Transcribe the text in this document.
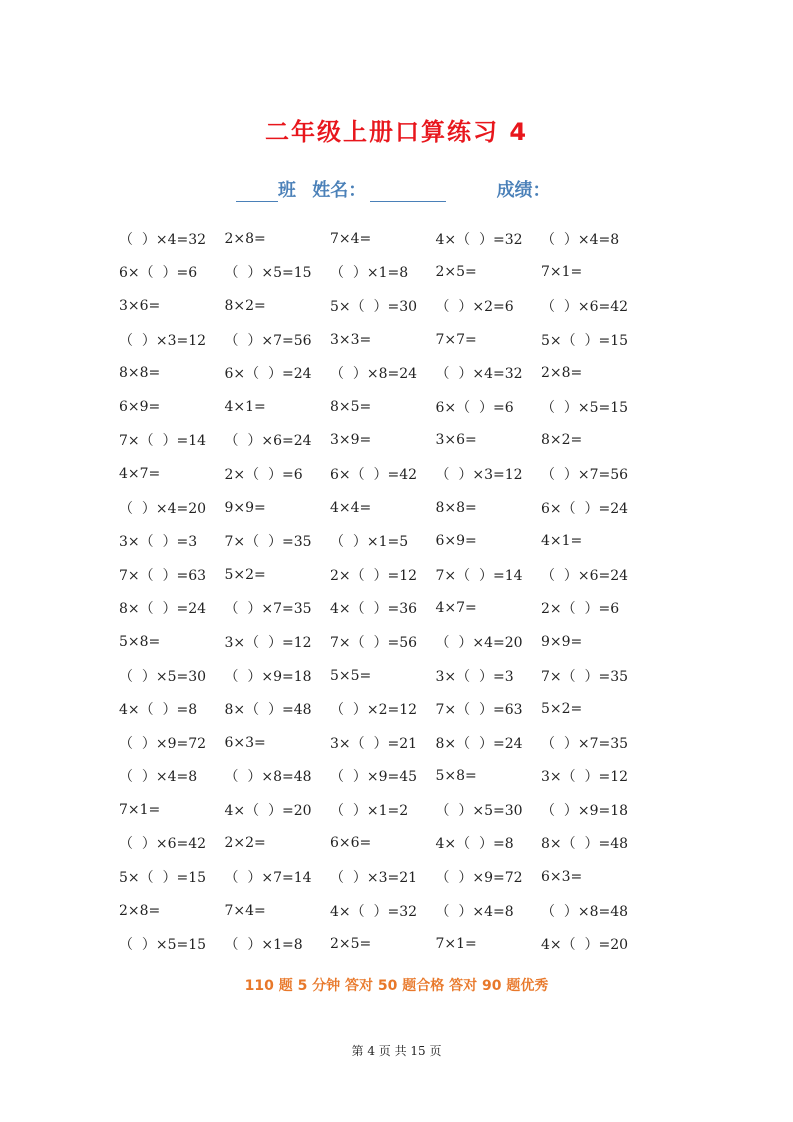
二年级上册口算练习 4
班 姓名：	成绩：
（  ）×4=32	2×8=	7×4=	4×（  ）=32	（  ）×4=8
6×（  ）=6	（  ）×5=15	（  ）×1=8	2×5=	7×1=
3×6=	8×2=	5×（  ）=30	（  ）×2=6	（  ）×6=42
（  ）×3=12	（  ）×7=56	3×3=	7×7=	5×（  ）=15
8×8=	6×（  ）=24	（  ）×8=24	（  ）×4=32	2×8=
6×9=	4×1=	8×5=	6×（  ）=6	（  ）×5=15
7×（  ）=14	（  ）×6=24	3×9=	3×6=	8×2=
4×7=	2×（  ）=6	6×（  ）=42	（  ）×3=12	（  ）×7=56
（  ）×4=20	9×9=	4×4=	8×8=	6×（  ）=24
3×（  ）=3	7×（  ）=35	（  ）×1=5	6×9=	4×1=
7×（  ）=63	5×2=	2×（  ）=12	7×（  ）=14	（  ）×6=24
8×（  ）=24	（  ）×7=35	4×（  ）=36	4×7=	2×（  ）=6
5×8=	3×（  ）=12	7×（  ）=56	（  ）×4=20	9×9=
（  ）×5=30	（  ）×9=18	5×5=	3×（  ）=3	7×（  ）=35
4×（  ）=8	8×（  ）=48	（  ）×2=12	7×（  ）=63	5×2=
（  ）×9=72	6×3=	3×（  ）=21	8×（  ）=24	（  ）×7=35
（  ）×4=8	（  ）×8=48	（  ）×9=45	5×8=	3×（  ）=12
7×1=	4×（  ）=20	（  ）×1=2	（  ）×5=30	（  ）×9=18
（  ）×6=42	2×2=	6×6=	4×（  ）=8	8×（  ）=48
5×（  ）=15	（  ）×7=14	（  ）×3=21	（  ）×9=72	6×3=
2×8=	7×4=	4×（  ）=32	（  ）×4=8	（  ）×8=48
（  ）×5=15	（  ）×1=8	2×5=	7×1=	4×（  ）=20

110 题 5 分钟 答对 50 题合格 答对 90 题优秀

第 4 页 共 15 页
